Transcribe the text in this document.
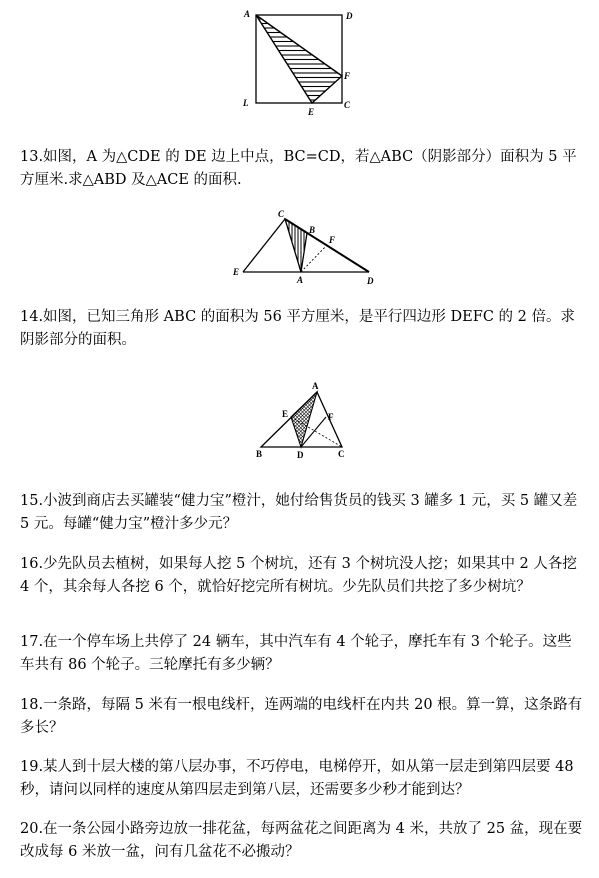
A	D
F
L
E
C
13.如图，A 为△CDE 的 DE 边上中点，BC=CD，若△ABC（阴影部分）面积为 5 平方厘米.求△ABD 及△ACE 的面积.
C
B
F
E
A	D
14.如图，已知三角形 ABC 的面积为 56 平方厘米，是平行四边形 DEFC 的 2 倍。求阴影部分的面积。
A
E	F
B	D	C
15.小波到商店去买罐装“健力宝”橙汁，她付给售货员的钱买 3 罐多 1 元，买 5 罐又差 5 元。每罐“健力宝”橙汁多少元？
16.少先队员去植树，如果每人挖 5 个树坑，还有 3 个树坑没人挖；如果其中 2 人各挖 4 个，其余每人各挖 6 个，就恰好挖完所有树坑。少先队员们共挖了多少树坑？
17.在一个停车场上共停了 24 辆车，其中汽车有 4 个轮子，摩托车有 3 个轮子。这些车共有 86 个轮子。三轮摩托有多少辆？
18.一条路，每隔 5 米有一根电线杆，连两端的电线杆在内共 20 根。算一算，这条路有多长？
19.某人到十层大楼的第八层办事，不巧停电，电梯停开，如从第一层走到第四层要 48 秒，请问以同样的速度从第四层走到第八层，还需要多少秒才能到达？
20.在一条公园小路旁边放一排花盆，每两盆花之间距离为 4 米，共放了 25 盆，现在要改成每 6 米放一盆，问有几盆花不必搬动？
